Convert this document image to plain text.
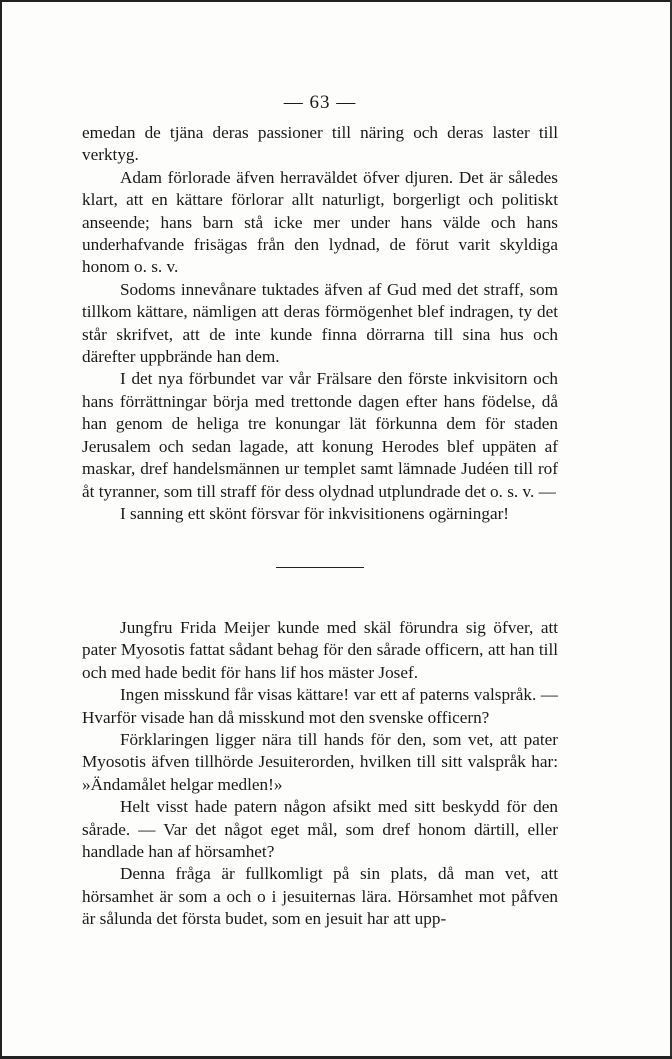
— 63 —

emedan de tjäna deras passioner till näring och deras laster till verktyg.

Adam förlorade äfven herraväldet öfver djuren. Det är således klart, att en kättare förlorar allt naturligt, borgerligt och politiskt anseende; hans barn stå icke mer under hans välde och hans underhafvande frisägas från den lydnad, de förut varit skyldiga honom o. s. v.

Sodoms innevånare tuktades äfven af Gud med det straff, som tillkom kättare, nämligen att deras förmögenhet blef indragen, ty det står skrifvet, att de inte kunde finna dörrarna till sina hus och därefter uppbrände han dem.

I det nya förbundet var vår Frälsare den förste inkvisitorn och hans förrättningar börja med trettonde dagen efter hans födelse, då han genom de heliga tre konungar lät förkunna dem för staden Jerusalem och sedan lagade, att konung Herodes blef uppäten af maskar, dref handelsmännen ur templet samt lämnade Judéen till rof åt tyranner, som till straff för dess olydnad utplundrade det o. s. v. —

I sanning ett skönt försvar för inkvisitionens ogärningar!

Jungfru Frida Meijer kunde med skäl förundra sig öfver, att pater Myosotis fattat sådant behag för den sårade officern, att han till och med hade bedit för hans lif hos mäster Josef.

Ingen misskund får visas kättare! var ett af paterns valspråk. — Hvarför visade han då misskund mot den svenske officern?

Förklaringen ligger nära till hands för den, som vet, att pater Myosotis äfven tillhörde Jesuiterorden, hvilken till sitt valspråk har: »Ändamålet helgar medlen!»

Helt visst hade patern någon afsikt med sitt beskydd för den sårade. — Var det något eget mål, som dref honom därtill, eller handlade han af hörsamhet?

Denna fråga är fullkomligt på sin plats, då man vet, att hörsamhet är som a och o i jesuiternas lära. Hörsamhet mot påfven är sålunda det första budet, som en jesuit har att upp-
